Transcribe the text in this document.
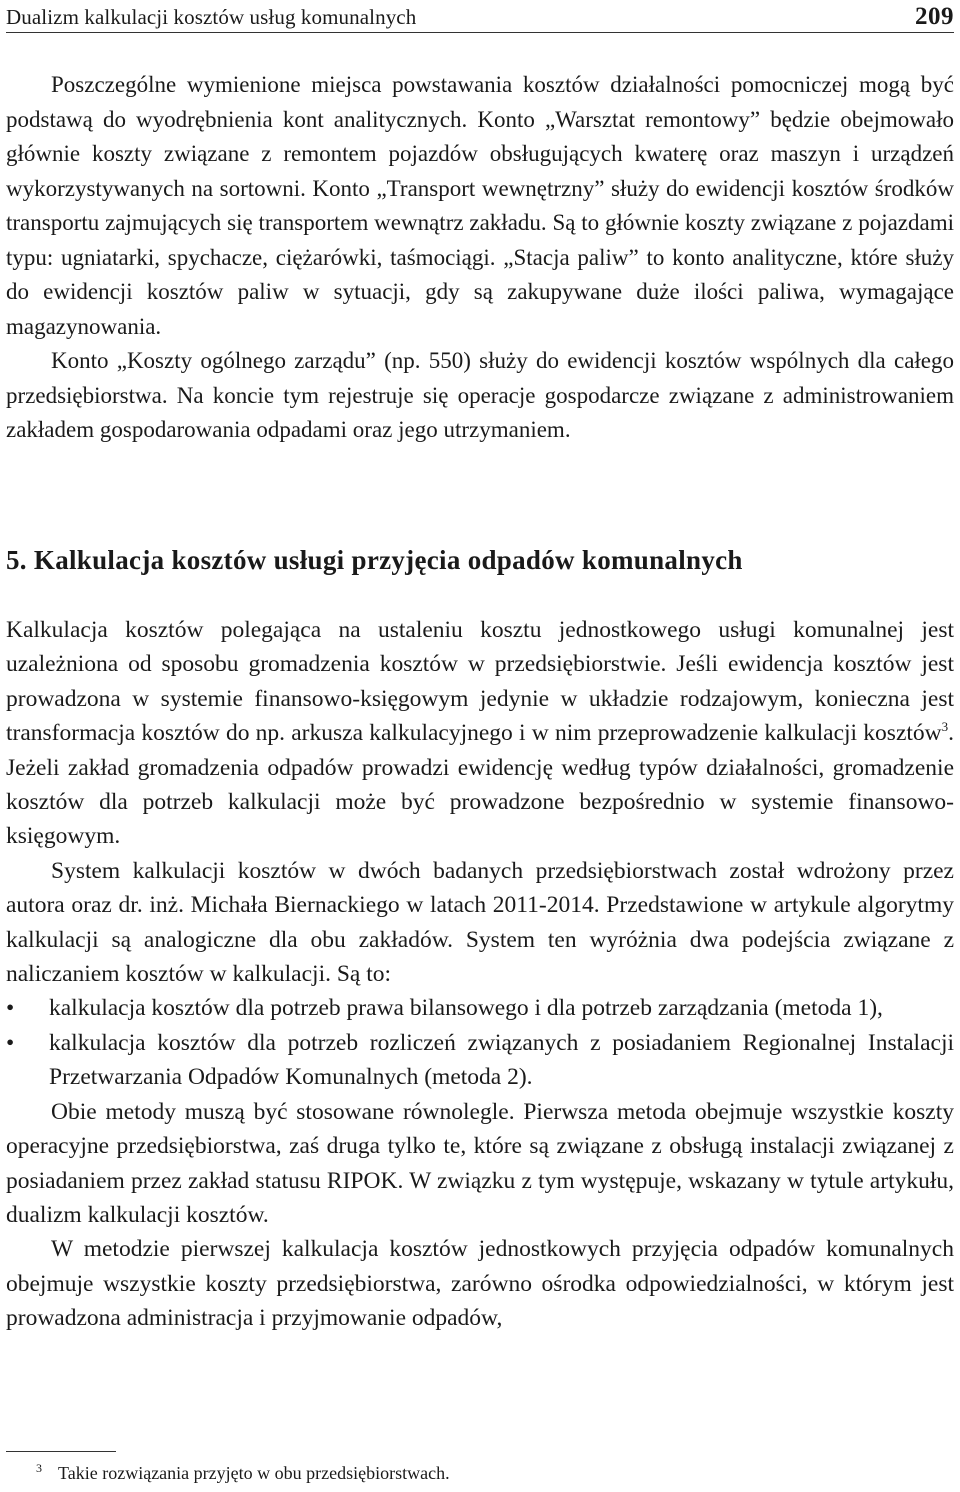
Dualizm kalkulacji kosztów usług komunalnych	209

Poszczególne wymienione miejsca powstawania kosztów działalności pomocniczej mogą być podstawą do wyodrębnienia kont analitycznych. Konto „Warsztat remontowy” będzie obejmowało głównie koszty związane z remontem pojazdów obsługujących kwaterę oraz maszyn i urządzeń wykorzystywanych na sortowni. Konto „Transport wewnętrzny” służy do ewidencji kosztów środków transportu zajmujących się transportem wewnątrz zakładu. Są to głównie koszty związane z pojazdami typu: ugniatarki, spychacze, ciężarówki, taśmociągi. „Stacja paliw” to konto analityczne, które służy do ewidencji kosztów paliw w sytuacji, gdy są zakupywane duże ilości paliwa, wymagające magazynowania.

Konto „Koszty ogólnego zarządu” (np. 550) służy do ewidencji kosztów wspólnych dla całego przedsiębiorstwa. Na koncie tym rejestruje się operacje gospodarcze związane z administrowaniem zakładem gospodarowania odpadami oraz jego utrzymaniem.

5. Kalkulacja kosztów usługi przyjęcia odpadów komunalnych

Kalkulacja kosztów polegająca na ustaleniu kosztu jednostkowego usługi komunalnej jest uzależniona od sposobu gromadzenia kosztów w przedsiębiorstwie. Jeśli ewidencja kosztów jest prowadzona w systemie finansowo-księgowym jedynie w układzie rodzajowym, konieczna jest transformacja kosztów do np. arkusza kalkulacyjnego i w nim przeprowadzenie kalkulacji kosztów$^3$. Jeżeli zakład gromadzenia odpadów prowadzi ewidencję według typów działalności, gromadzenie kosztów dla potrzeb kalkulacji może być prowadzone bezpośrednio w systemie finansowo-księgowym.

System kalkulacji kosztów w dwóch badanych przedsiębiorstwach został wdrożony przez autora oraz dr. inż. Michała Biernackiego w latach 2011-2014. Przedstawione w artykule algorytmy kalkulacji są analogiczne dla obu zakładów. System ten wyróżnia dwa podejścia związane z naliczaniem kosztów w kalkulacji. Są to:

• kalkulacja kosztów dla potrzeb prawa bilansowego i dla potrzeb zarządzania (metoda 1),
• kalkulacja kosztów dla potrzeb rozliczeń związanych z posiadaniem Regionalnej Instalacji Przetwarzania Odpadów Komunalnych (metoda 2).

Obie metody muszą być stosowane równolegle. Pierwsza metoda obejmuje wszystkie koszty operacyjne przedsiębiorstwa, zaś druga tylko te, które są związane z obsługą instalacji związanej z posiadaniem przez zakład statusu RIPOK. W związku z tym występuje, wskazany w tytule artykułu, dualizm kalkulacji kosztów.

W metodzie pierwszej kalkulacja kosztów jednostkowych przyjęcia odpadów komunalnych obejmuje wszystkie koszty przedsiębiorstwa, zarówno ośrodka odpowiedzialności, w którym jest prowadzona administracja i przyjmowanie odpadów,

$^3$ Takie rozwiązania przyjęto w obu przedsiębiorstwach.
